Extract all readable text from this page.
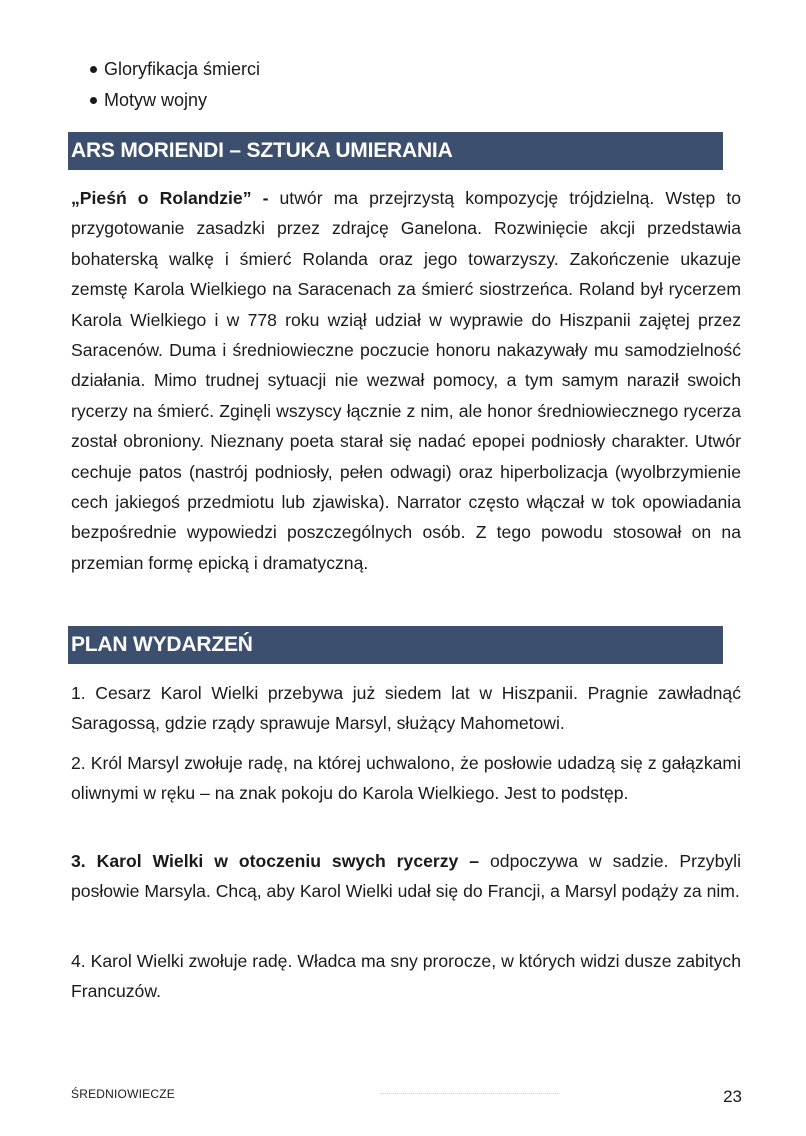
Gloryfikacja śmierci
Motyw wojny
ARS MORIENDI – SZTUKA UMIERANIA

„Pieśń o Rolandzie” - utwór ma przejrzystą kompozycję trójdzielną. Wstęp to przygotowanie zasadzki przez zdrajcę Ganelona. Rozwinięcie akcji przedstawia bohaterską walkę i śmierć Rolanda oraz jego towarzyszy. Zakończenie ukazuje zemstę Karola Wielkiego na Saracenach za śmierć siostrzeńca. Roland był rycerzem Karola Wielkiego i w 778 roku wziął udział w wyprawie do Hiszpanii zajętej przez Saracenów. Duma i średniowieczne poczucie honoru nakazywały mu samodzielność działania. Mimo trudnej sytuacji nie wezwał pomocy, a tym samym naraził swoich rycerzy na śmierć. Zginęli wszyscy łącznie z nim, ale honor średniowiecznego rycerza został obroniony. Nieznany poeta starał się nadać epopei podniosły charakter. Utwór cechuje patos (nastrój podniosły, pełen odwagi) oraz hiperbolizacja (wyolbrzymienie cech jakiegoś przedmiotu lub zjawiska). Narrator często włączał w tok opowiadania bezpośrednie wypowiedzi poszczególnych osób. Z tego powodu stosował on na przemian formę epicką i dramatyczną.

PLAN WYDARZEŃ

1. Cesarz Karol Wielki przebywa już siedem lat w Hiszpanii. Pragnie zawładnąć Saragossą, gdzie rządy sprawuje Marsyl, służący Mahometowi.

2. Król Marsyl zwołuje radę, na której uchwalono, że posłowie udadzą się z gałązkami oliwnymi w ręku – na znak pokoju do Karola Wielkiego. Jest to podstęp.

3. Karol Wielki w otoczeniu swych rycerzy – odpoczywa w sadzie. Przybyli posłowie Marsyla. Chcą, aby Karol Wielki udał się do Francji, a Marsyl podąży za nim.

4. Karol Wielki zwołuje radę. Władca ma sny prorocze, w których widzi dusze zabitych Francuzów.

ŚREDNIOWIECZE	23
